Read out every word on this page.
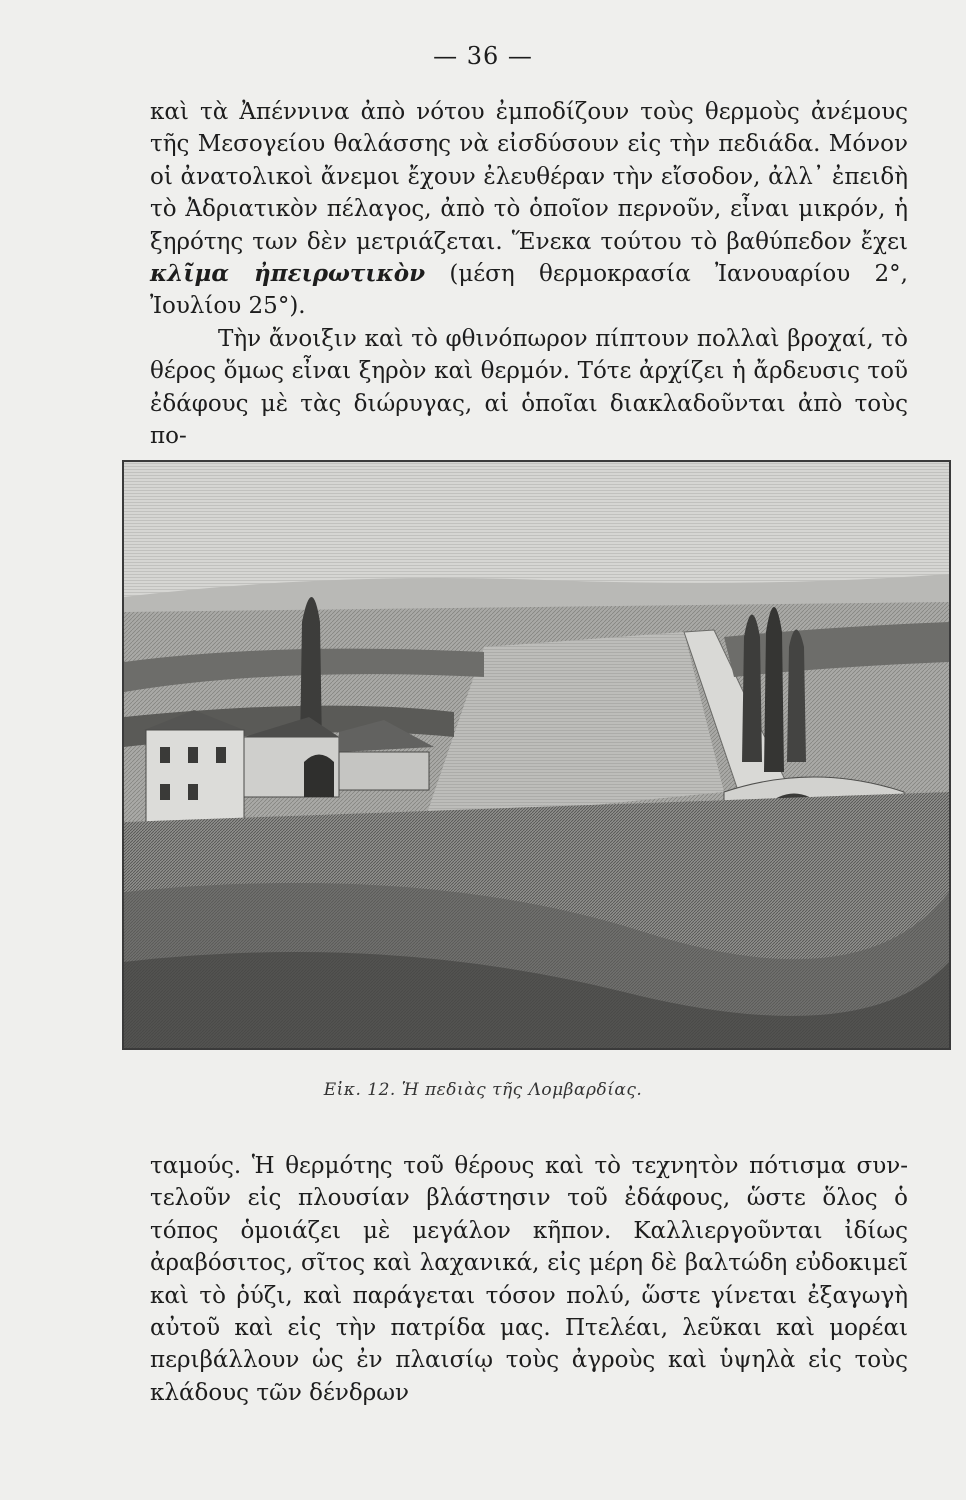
— 36 —

καὶ τὰ Ἀπέννινα ἀπὸ νότου ἐμποδίζουν τοὺς θερμοὺς ἀνέμους τῆς Μεσογείου θαλάσσης νὰ εἰσδύσουν εἰς τὴν πεδιάδα. Μόνον οἱ ἀνατολικοὶ ἄνεμοι ἔχουν ἐλευθέραν τὴν εἴσοδον, ἀλλ᾽ ἐπειδὴ τὸ Ἀδριατικὸν πέλαγος, ἀπὸ τὸ ὁποῖον περνοῦν, εἶναι μικρόν, ἡ ξηρότης των δὲν μετριάζεται. Ἕνεκα τούτου τὸ βαθύπεδον ἔχει κλῖμα ἠπειρωτικὸν (μέση θερμοκρασία Ἰανουαρίου 2°, Ἰουλίου 25°).

Τὴν ἄνοιξιν καὶ τὸ φθινόπωρον πίπτουν πολλαὶ βροχαί, τὸ θέρος ὅμως εἶναι ξηρὸν καὶ θερμόν. Τότε ἀρχίζει ἡ ἄρδευσις τοῦ ἐδάφους μὲ τὰς διώρυγας, αἱ ὁποῖαι διακλαδοῦνται ἀπὸ τοὺς πο-

Εἰκ. 12. Ἡ πεδιὰς τῆς Λομβαρδίας.

ταμούς. Ἡ θερμότης τοῦ θέρους καὶ τὸ τεχνητὸν πότισμα συν- τελοῦν εἰς πλουσίαν βλάστησιν τοῦ ἐδάφους, ὥστε ὅλος ὁ τόπος ὁμοιάζει μὲ μεγάλον κῆπον. Καλλιεργοῦνται ἰδίως ἀραβόσιτος, σῖτος καὶ λαχανικά, εἰς μέρη δὲ βαλτώδη εὐδοκιμεῖ καὶ τὸ ῥύζι, καὶ παράγεται τόσον πολύ, ὥστε γίνεται ἐξαγωγὴ αὐτοῦ καὶ εἰς τὴν πατρίδα μας. Πτελέαι, λεῦκαι καὶ μορέαι περιβάλλουν ὡς ἐν πλαισίῳ τοὺς ἀγροὺς καὶ ὑψηλὰ εἰς τοὺς κλάδους τῶν δένδρων
